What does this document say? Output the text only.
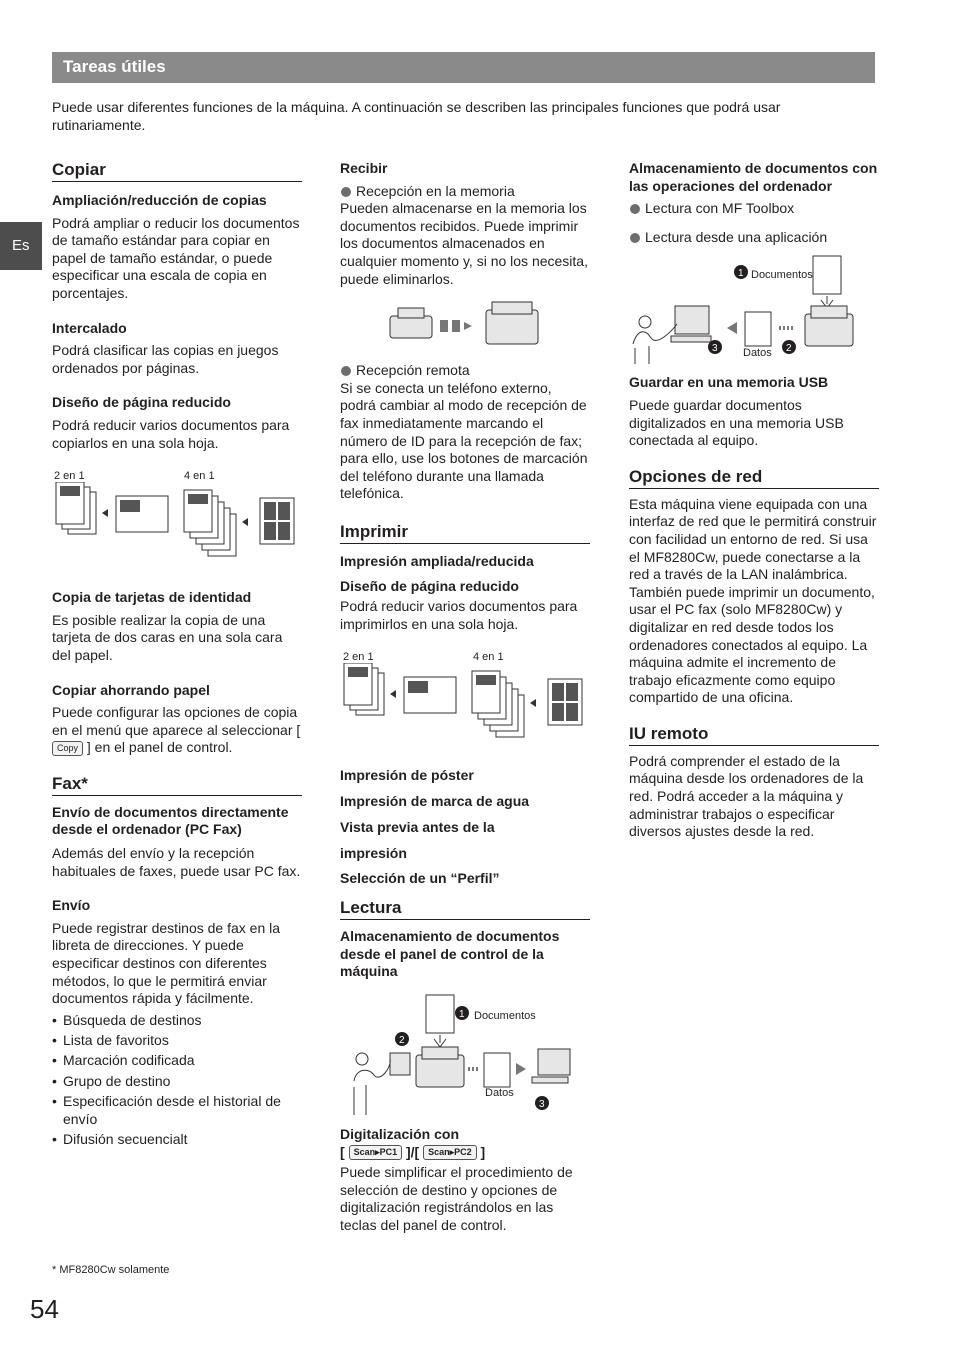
Tareas útiles

Puede usar diferentes funciones de la máquina. A continuación se describen las principales funciones que podrá usar rutinariamente.

Es
Copiar
Ampliación/reducción de copias

Podrá ampliar o reducir los documentos de tamaño estándar para copiar en papel de tamaño estándar, o puede especificar una escala de copia en porcentajes.

Intercalado

Podrá clasificar las copias en juegos ordenados por páginas.

Diseño de página reducido

Podrá reducir varios documentos para copiarlos en una sola hoja.

2 en 1	4 en 1
Copia de tarjetas de identidad

Es posible realizar la copia de una tarjeta de dos caras en una sola cara del papel.

Copiar ahorrando papel

Puede configurar las opciones de copia en el menú que aparece al seleccionar [ Copy ] en el panel de control.

Fax*
Envío de documentos directamente desde el ordenador (PC Fax)

Además del envío y la recepción habituales de faxes, puede usar PC fax.

Envío

Puede registrar destinos de fax en la libreta de direcciones. Y puede especificar destinos con diferentes métodos, lo que le permitirá enviar documentos rápida y fácilmente.

• Búsqueda de destinos
• Lista de favoritos
• Marcación codificada
• Grupo de destino
• Especificación desde el historial de envío
• Difusión secuencialt
Recibir

Recepción en la memoria

Pueden almacenarse en la memoria los documentos recibidos. Puede imprimir los documentos almacenados en cualquier momento y, si no los necesita, puede eliminarlos.

Recepción remota

Si se conecta un teléfono externo, podrá cambiar al modo de recepción de fax inmediatamente marcando el número de ID para la recepción de fax; para ello, use los botones de marcación del teléfono durante una llamada telefónica.

Imprimir
Impresión ampliada/reducida
Diseño de página reducido

Podrá reducir varios documentos para imprimirlos en una sola hoja.

2 en 1	4 en 1
Impresión de póster
Impresión de marca de agua
Vista previa antes de la
impresión
Selección de un “Perfil”
Lectura
Almacenamiento de documentos desde el panel de control de la máquina
1
2
3
Documentos
Datos
Digitalización con
[ Scan▸PC1 ]/[ Scan▸PC2 ]

Puede simplificar el procedimiento de selección de destino y opciones de digitalización registrándolos en las teclas del panel de control.

Almacenamiento de documentos con las operaciones del ordenador

Lectura con MF Toolbox

Lectura desde una aplicación

1
2
3
Documentos
Datos
Guardar en una memoria USB

Puede guardar documentos digitalizados en una memoria USB conectada al equipo.

Opciones de red

Esta máquina viene equipada con una interfaz de red que le permitirá construir con facilidad un entorno de red. Si usa el MF8280Cw, puede conectarse a la red a través de la LAN inalámbrica. También puede imprimir un documento, usar el PC fax (solo MF8280Cw) y digitalizar en red desde todos los ordenadores conectados al equipo. La máquina admite el incremento de trabajo eficazmente como equipo compartido de una oficina.

IU remoto

Podrá comprender el estado de la máquina desde los ordenadores de la red. Podrá acceder a la máquina y administrar trabajos o especificar diversos ajustes desde la red.

* MF8280Cw solamente
54
